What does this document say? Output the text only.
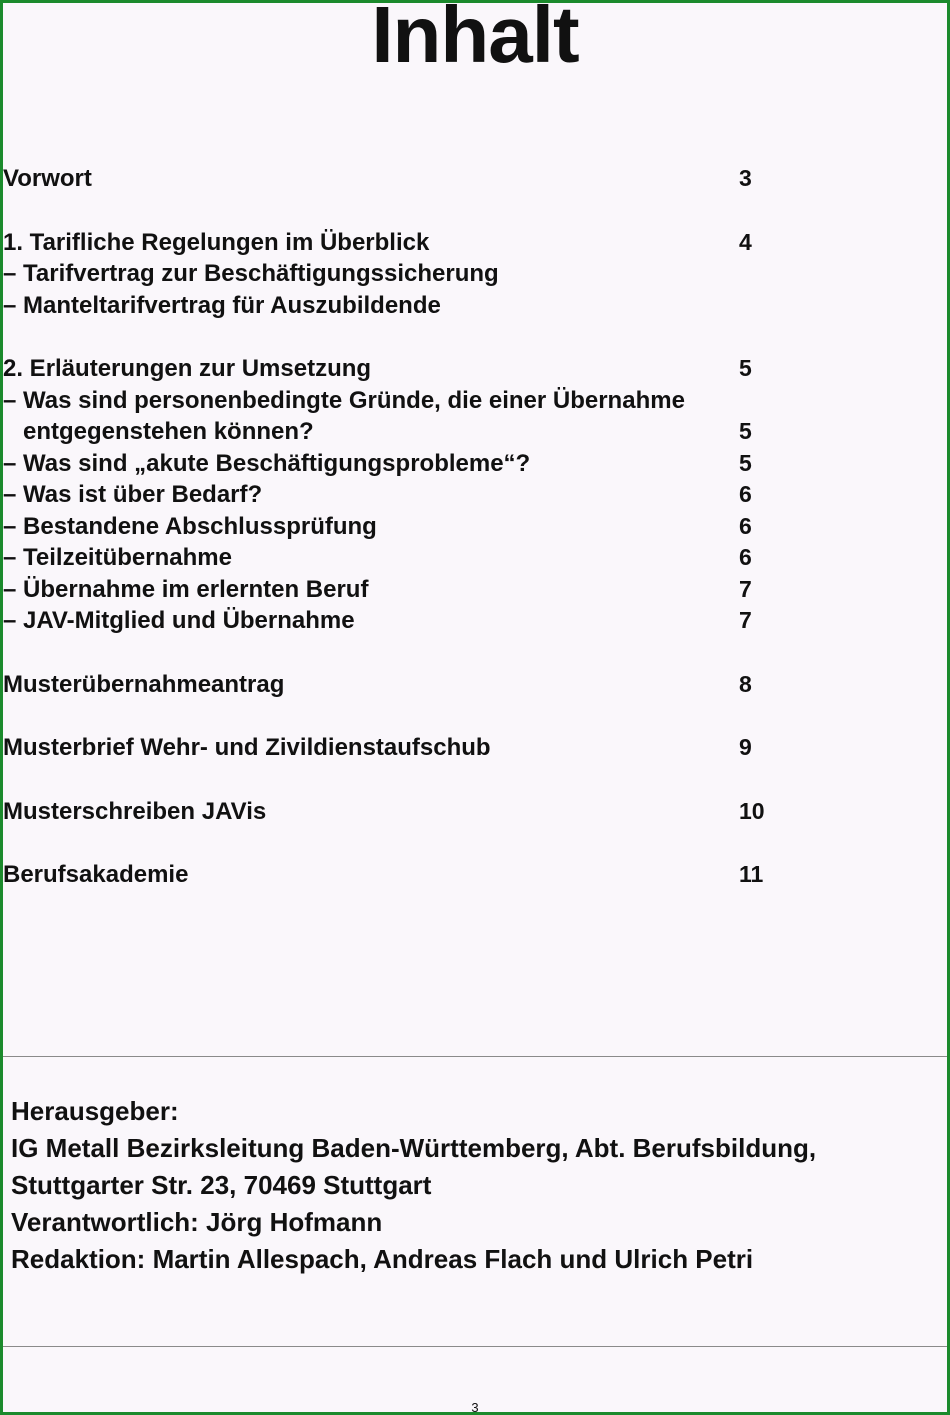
Inhalt
Vorwort	3
1. Tarifliche Regelungen im Überblick	4
– Tarifvertrag zur Beschäftigungssicherung
– Manteltarifvertrag für Auszubildende
2. Erläuterungen zur Umsetzung	5
– Was sind personenbedingte Gründe, die einer Übernahme
entgegenstehen können?	5
– Was sind „akute Beschäftigungsprobleme“?	5
– Was ist über Bedarf?	6
– Bestandene Abschlussprüfung	6
– Teilzeitübernahme	6
– Übernahme im erlernten Beruf	7
– JAV-Mitglied und Übernahme	7
Musterübernahmeantrag	8
Musterbrief Wehr- und Zivildienstaufschub	9
Musterschreiben JAVis	10
Berufsakademie	11
Herausgeber:
IG Metall Bezirksleitung Baden-Württemberg, Abt. Berufsbildung,
Stuttgarter Str. 23, 70469 Stuttgart
Verantwortlich: Jörg Hofmann
Redaktion: Martin Allespach, Andreas Flach und Ulrich Petri
3
